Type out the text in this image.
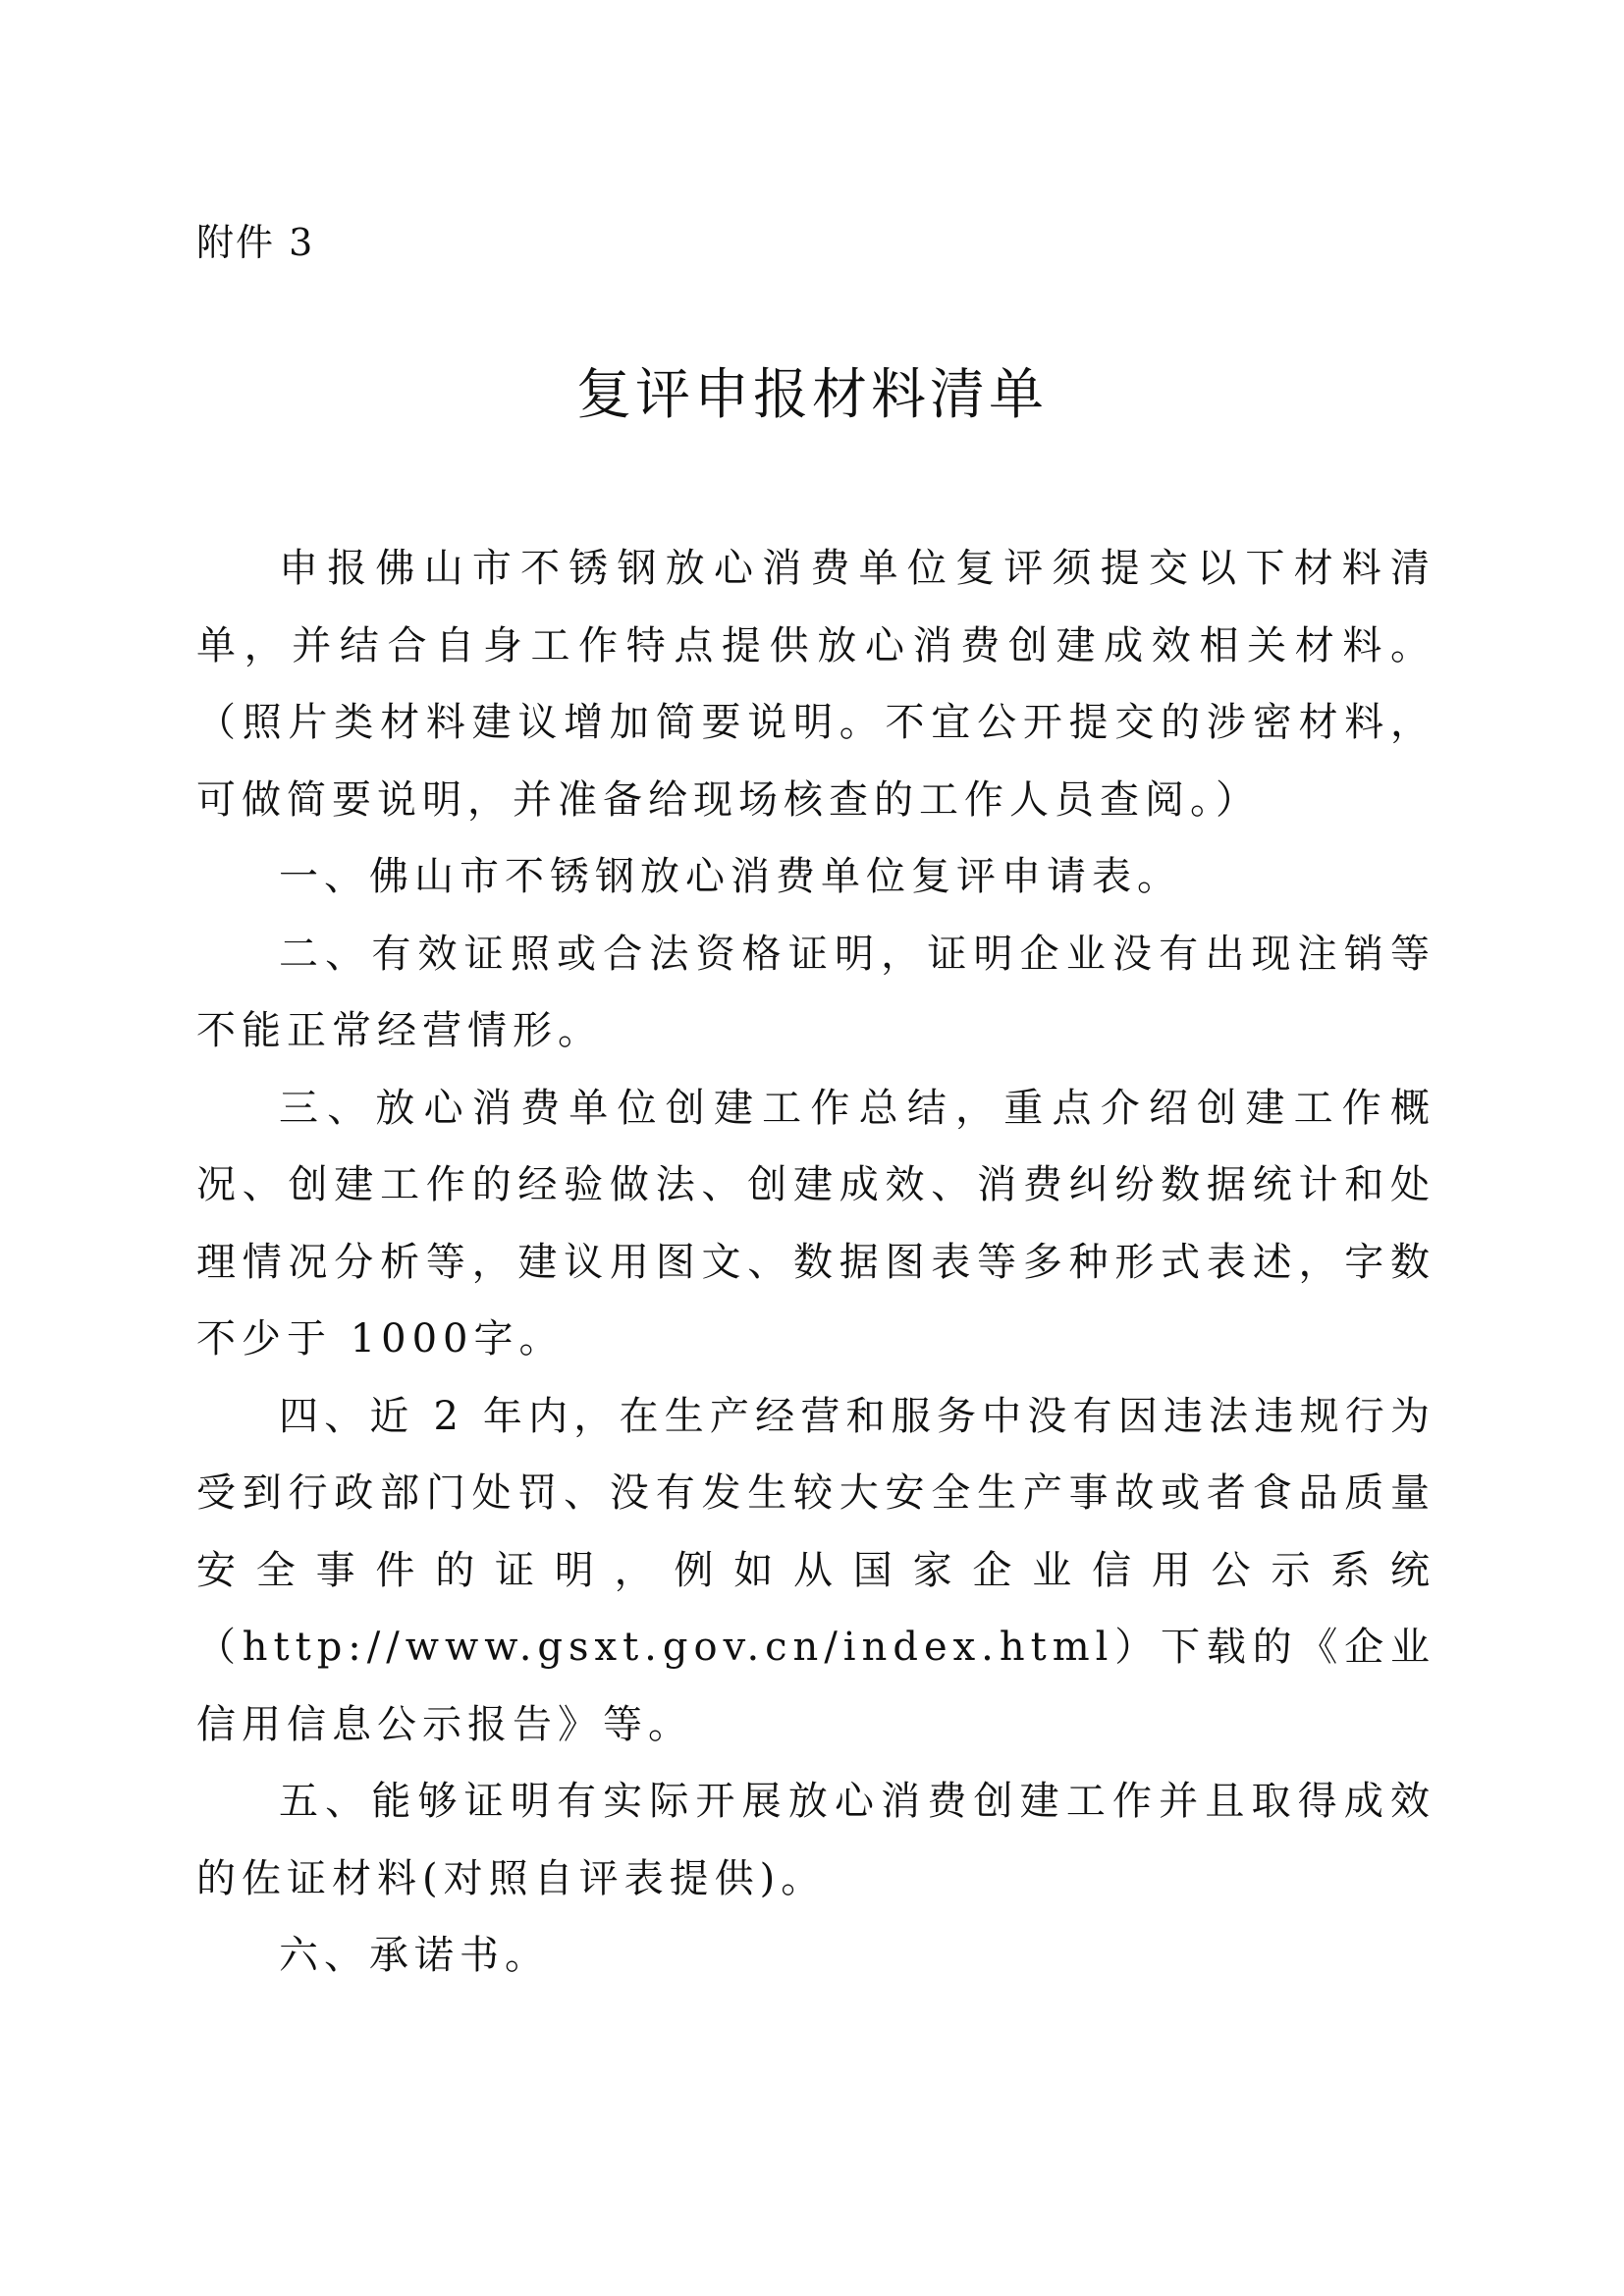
附件 3
复评申报材料清单

申报佛山市不锈钢放心消费单位复评须提交以下材料清单，并结合自身工作特点提供放心消费创建成效相关材料。（照片类材料建议增加简要说明。不宜公开提交的涉密材料，可做简要说明，并准备给现场核查的工作人员查阅。）

一、佛山市不锈钢放心消费单位复评申请表。

二、有效证照或合法资格证明，证明企业没有出现注销等不能正常经营情形。

三、放心消费单位创建工作总结，重点介绍创建工作概况、创建工作的经验做法、创建成效、消费纠纷数据统计和处理情况分析等，建议用图文、数据图表等多种形式表述，字数不少于 1000字。

四、近 2 年内，在生产经营和服务中没有因违法违规行为受到行政部门处罚、没有发生较大安全生产事故或者食品质量安全事件的证明，例如从国家企业信用公示系统（http://www.gsxt.gov.cn/index.html）下载的《企业信用信息公示报告》等。

五、能够证明有实际开展放心消费创建工作并且取得成效的佐证材料(对照自评表提供)。

六、承诺书。
